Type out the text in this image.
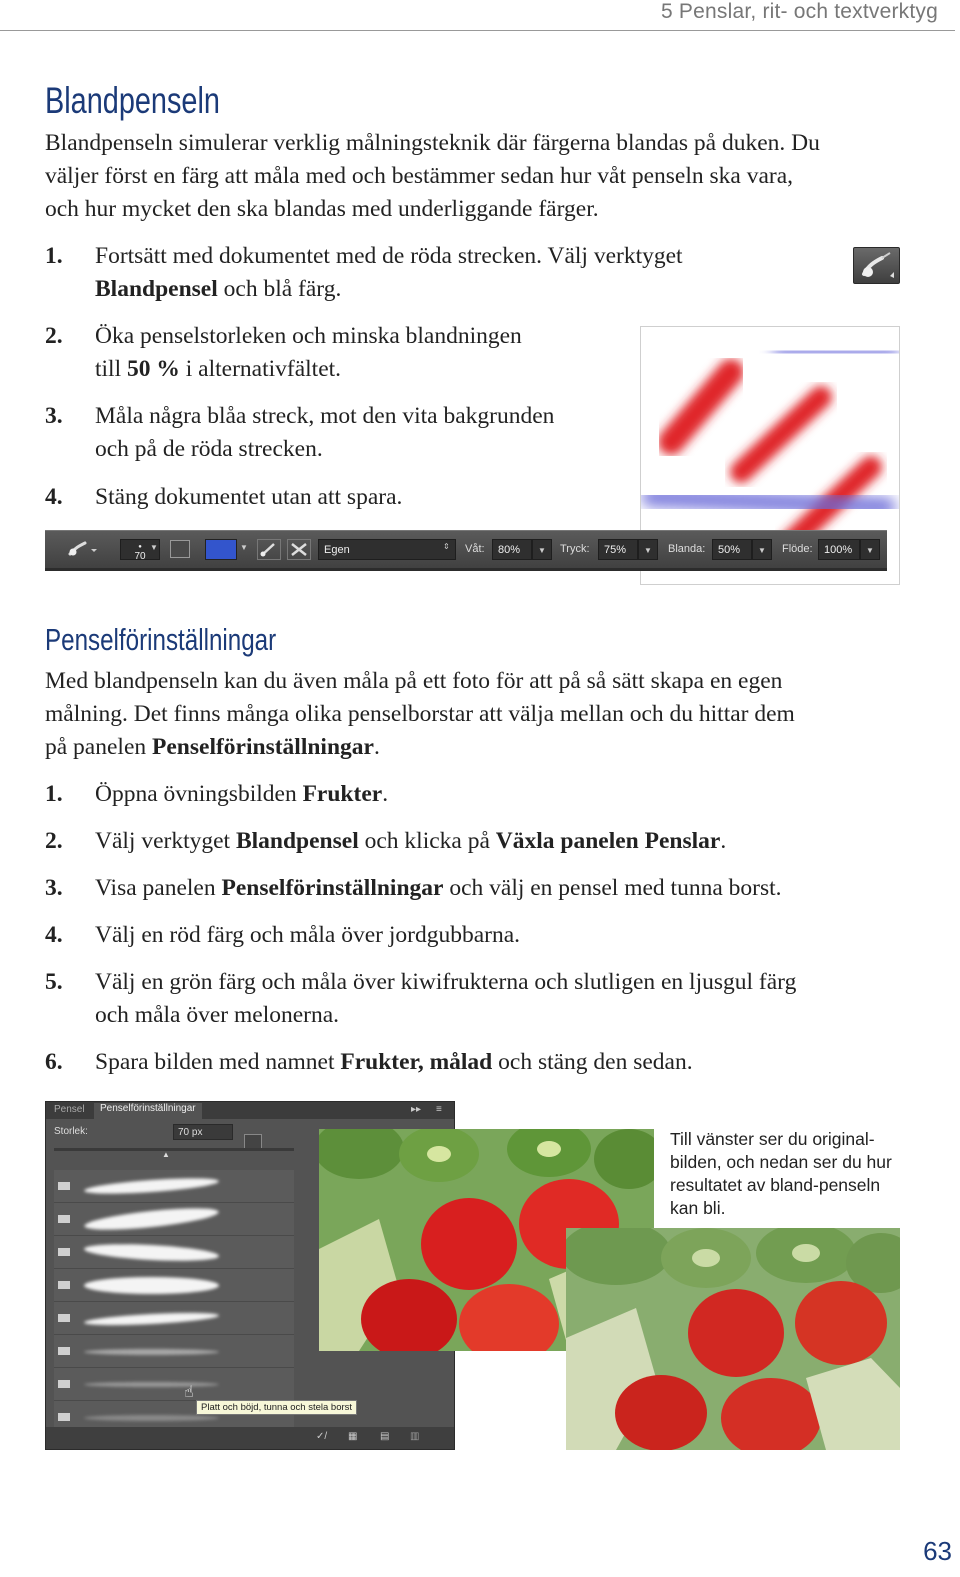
5 Penslar, rit- och textverktyg
Blandpenseln

Blandpenseln simulerar verklig målningsteknik där färgerna blandas på duken. Du
väljer först en färg att måla med och bestämmer sedan hur våt penseln ska vara,
och hur mycket den ska blandas med underliggande färger.

1. Fortsätt med dokumentet med de röda strecken. Välj verktyget
Blandpensel och blå färg.
2. Öka penselstorleken och minska blandningen
till 50 % i alternativfältet.
3. Måla några blåa streck, mot den vita bakgrunden
och på de röda strecken.
4. Stäng dokumentet utan att spara.
●
70
▼	▼	Egen	⇕ Våt:	80%	▼	Tryck:	75%	▼	Blanda:	50%	▼	Flöde:	100%	▼
Penselförinställningar

Med blandpenseln kan du även måla på ett foto för att på så sätt skapa en egen
målning. Det finns många olika penselborstar att välja mellan och du hittar dem
på panelen Penselförinställningar.

1. Öppna övningsbilden Frukter.
2. Välj verktyget Blandpensel och klicka på Växla panelen Penslar.
3. Visa panelen Penselförinställningar och välj en pensel med tunna borst.
4. Välj en röd färg och måla över jordgubbarna.
5. Välj en grön färg och måla över kiwifrukterna och slutligen en ljusgul färg
och måla över melonerna.
6. Spara bilden med namnet Frukter, målad och stäng den sedan.
Pensel	Penselförinställningar	▸▸ ≡
Storlek:	70 px
▲
☝
Platt och böjd, tunna och stela borst
✓/ ▦ ▤ ▥
Till vänster ser du original-bilden, och nedan ser du hur resultatet av bland-penseln kan bli.
63
